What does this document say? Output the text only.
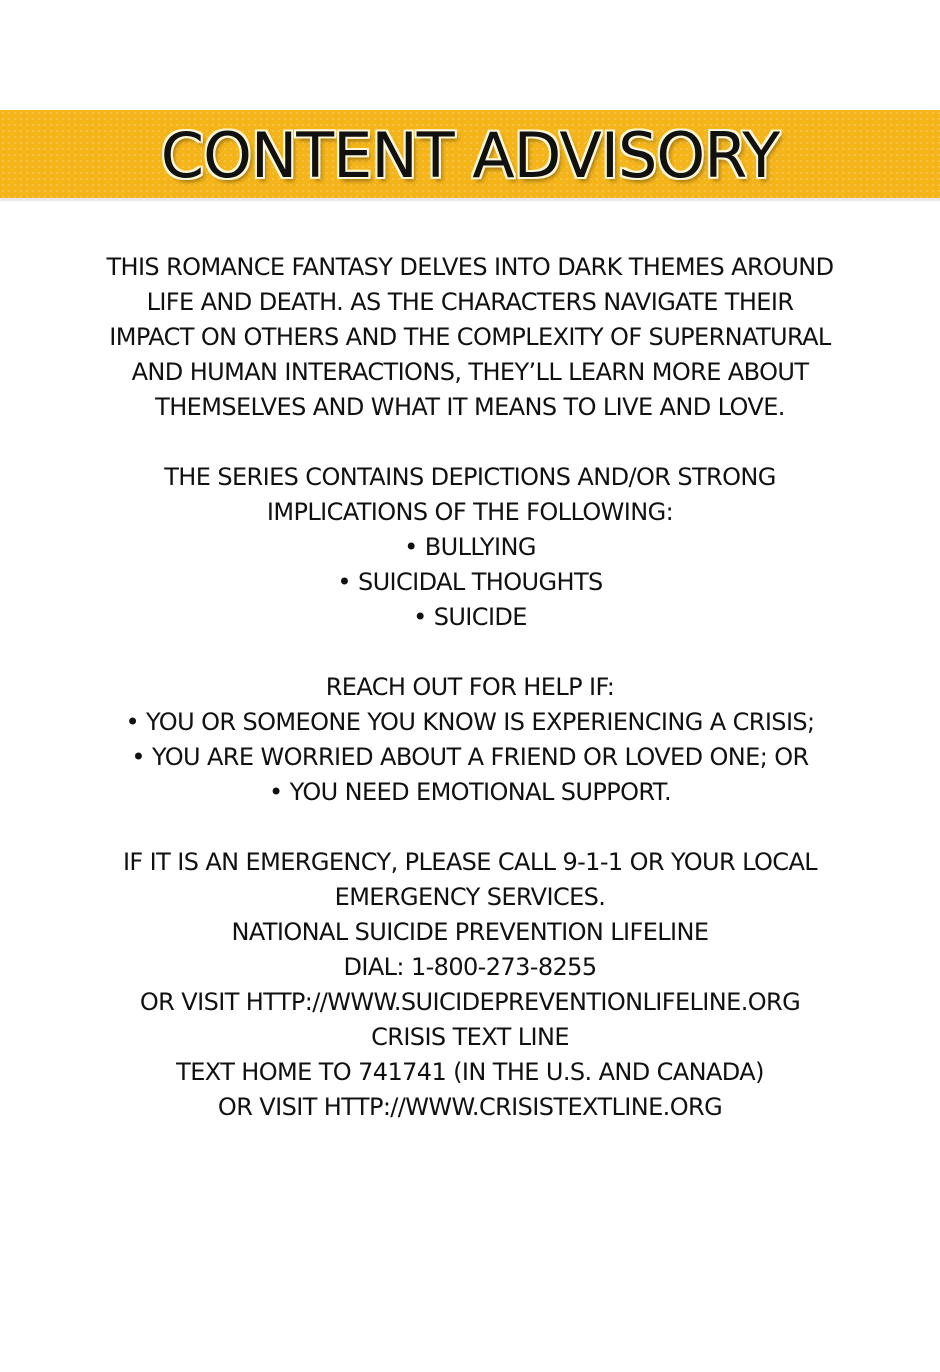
CONTENT ADVISORY
THIS ROMANCE FANTASY DELVES INTO DARK THEMES AROUND
LIFE AND DEATH. AS THE CHARACTERS NAVIGATE THEIR
IMPACT ON OTHERS AND THE COMPLEXITY OF SUPERNATURAL
AND HUMAN INTERACTIONS, THEY’LL LEARN MORE ABOUT
THEMSELVES AND WHAT IT MEANS TO LIVE AND LOVE.
THE SERIES CONTAINS DEPICTIONS AND/OR STRONG
IMPLICATIONS OF THE FOLLOWING:
• BULLYING
• SUICIDAL THOUGHTS
• SUICIDE
REACH OUT FOR HELP IF:
• YOU OR SOMEONE YOU KNOW IS EXPERIENCING A CRISIS;
• YOU ARE WORRIED ABOUT A FRIEND OR LOVED ONE; OR
• YOU NEED EMOTIONAL SUPPORT.
IF IT IS AN EMERGENCY, PLEASE CALL 9-1-1 OR YOUR LOCAL
EMERGENCY SERVICES.
NATIONAL SUICIDE PREVENTION LIFELINE
DIAL: 1-800-273-8255
OR VISIT HTTP://WWW.SUICIDEPREVENTIONLIFELINE.ORG
CRISIS TEXT LINE
TEXT HOME TO 741741 (IN THE U.S. AND CANADA)
OR VISIT HTTP://WWW.CRISISTEXTLINE.ORG
